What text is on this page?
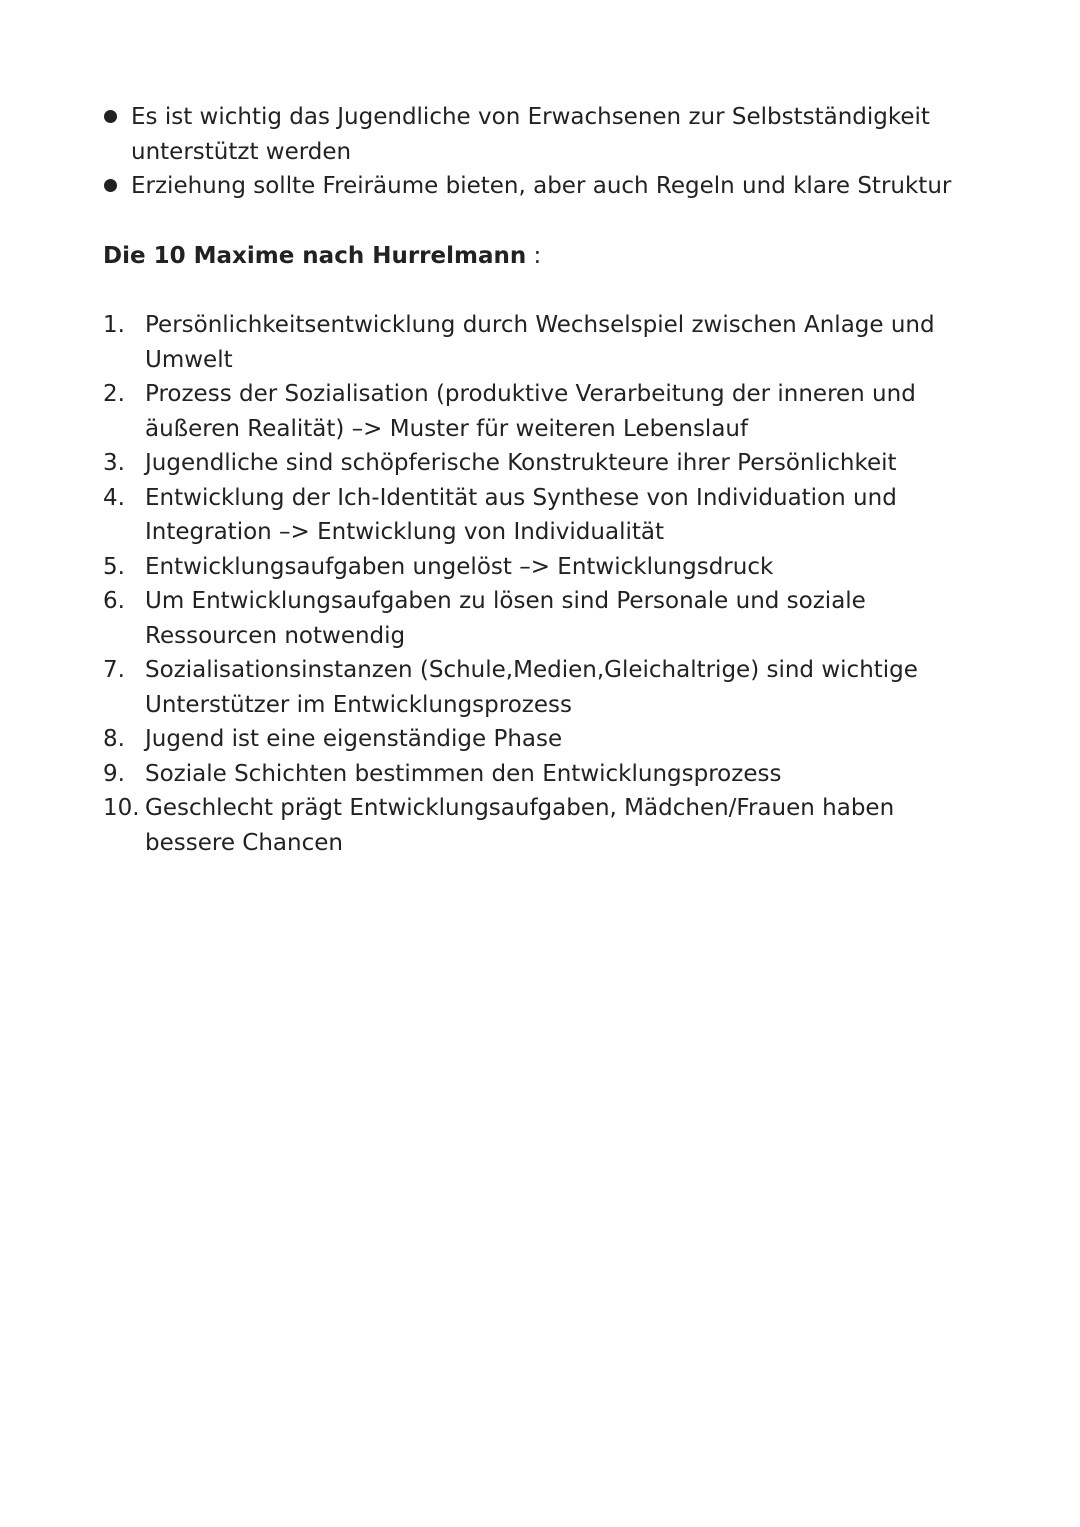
Es ist wichtig das Jugendliche von Erwachsenen zur Selbstständigkeit unterstützt werden
Erziehung sollte Freiräume bieten, aber auch Regeln und klare Struktur

Die 10 Maxime nach Hurrelmann :

1. Persönlichkeitsentwicklung durch Wechselspiel zwischen Anlage und Umwelt
2. Prozess der Sozialisation (produktive Verarbeitung der inneren und äußeren Realität) –> Muster für weiteren Lebenslauf
3. Jugendliche sind schöpferische Konstrukteure ihrer Persönlichkeit
4. Entwicklung der Ich-Identität aus Synthese von Individuation und Integration –> Entwicklung von Individualität
5. Entwicklungsaufgaben ungelöst –> Entwicklungsdruck
6. Um Entwicklungsaufgaben zu lösen sind Personale und soziale Ressourcen notwendig
7. Sozialisationsinstanzen (Schule,Medien,Gleichaltrige) sind wichtige Unterstützer im Entwicklungsprozess
8. Jugend ist eine eigenständige Phase
9. Soziale Schichten bestimmen den Entwicklungsprozess
10. Geschlecht prägt Entwicklungsaufgaben, Mädchen/Frauen haben bessere Chancen
